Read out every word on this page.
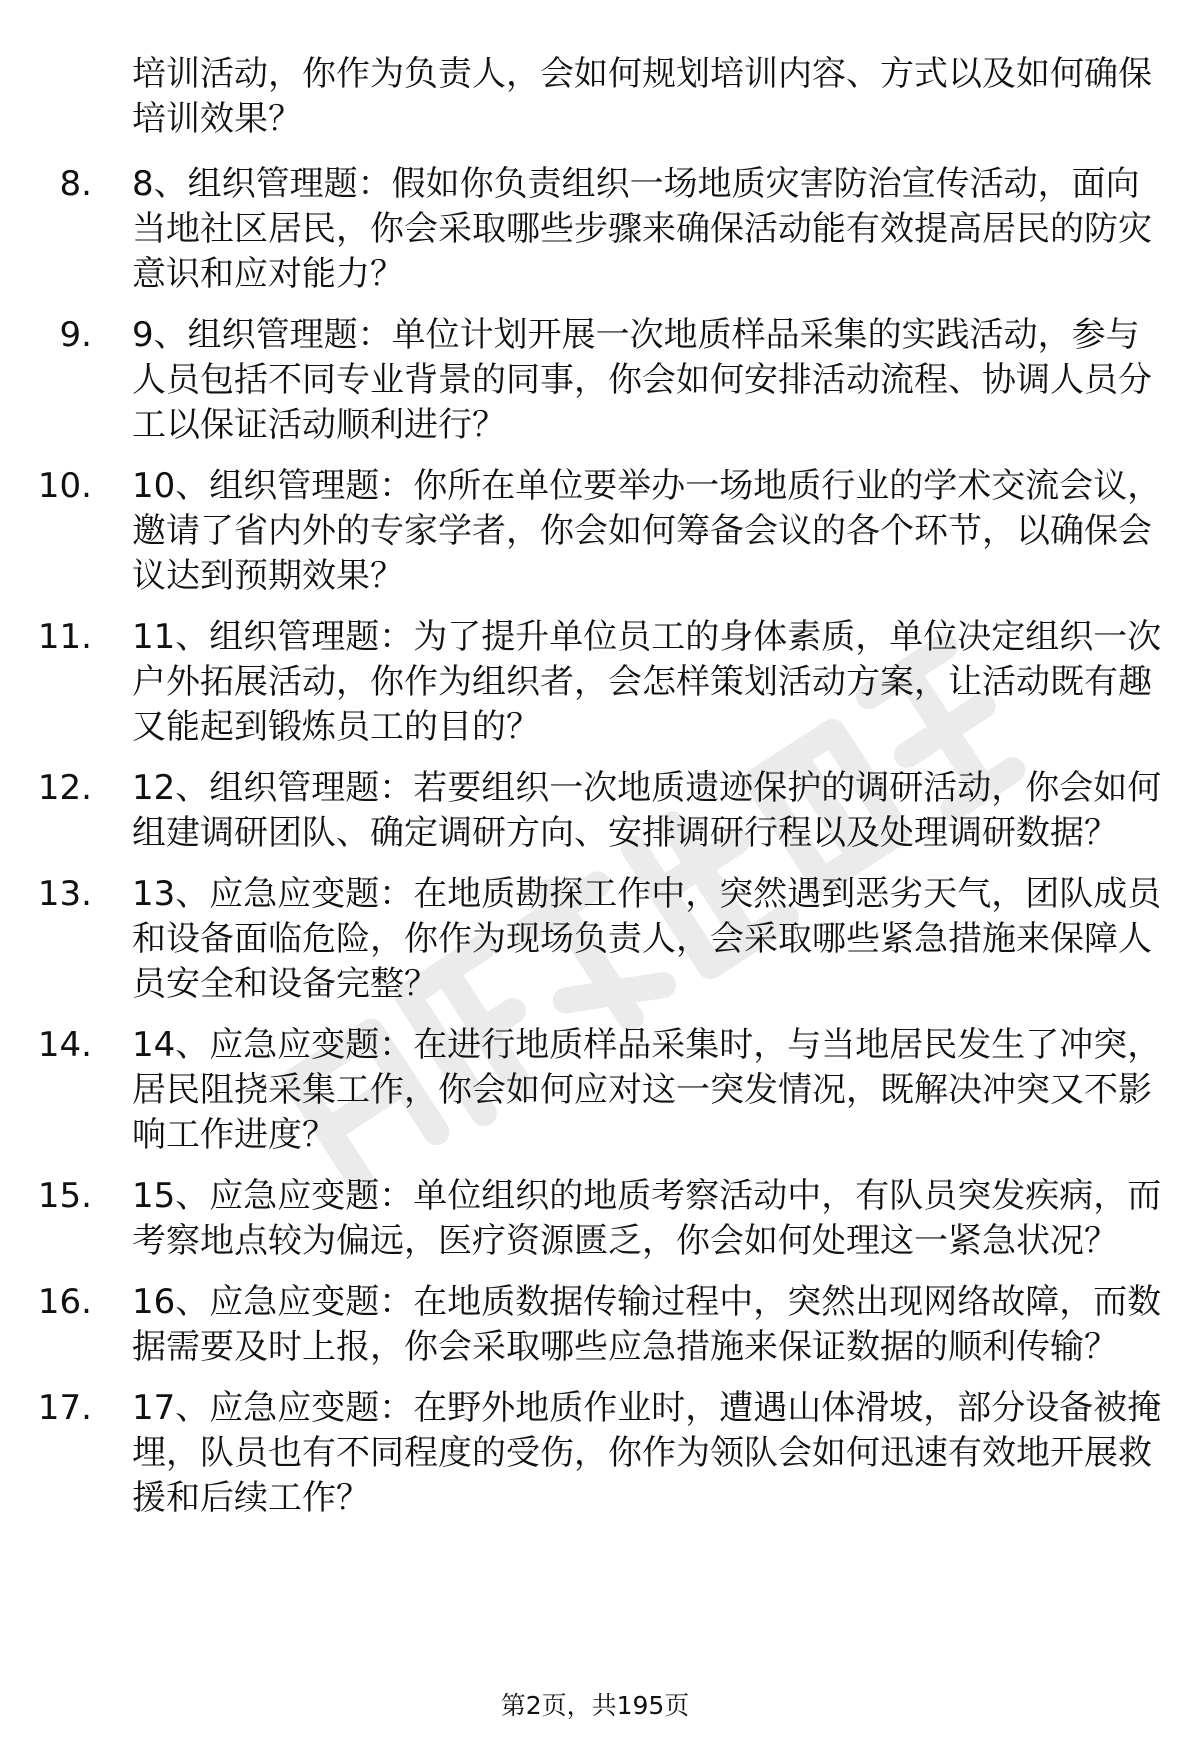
培训活动，你作为负责人，会如何规划培训内容、方式以及如何确保培训效果？

8. 8、组织管理题：假如你负责组织一场地质灾害防治宣传活动，面向当地社区居民，你会采取哪些步骤来确保活动能有效提高居民的防灾意识和应对能力？
9. 9、组织管理题：单位计划开展一次地质样品采集的实践活动，参与人员包括不同专业背景的同事，你会如何安排活动流程、协调人员分工以保证活动顺利进行？
10. 10、组织管理题：你所在单位要举办一场地质行业的学术交流会议，邀请了省内外的专家学者，你会如何筹备会议的各个环节，以确保会议达到预期效果？
11. 11、组织管理题：为了提升单位员工的身体素质，单位决定组织一次户外拓展活动，你作为组织者，会怎样策划活动方案，让活动既有趣又能起到锻炼员工的目的？
12. 12、组织管理题：若要组织一次地质遗迹保护的调研活动，你会如何组建调研团队、确定调研方向、安排调研行程以及处理调研数据？
13. 13、应急应变题：在地质勘探工作中，突然遇到恶劣天气，团队成员和设备面临危险，你作为现场负责人，会采取哪些紧急措施来保障人员安全和设备完整？
14. 14、应急应变题：在进行地质样品采集时，与当地居民发生了冲突，居民阻挠采集工作，你会如何应对这一突发情况，既解决冲突又不影响工作进度？
15. 15、应急应变题：单位组织的地质考察活动中，有队员突发疾病，而考察地点较为偏远，医疗资源匮乏，你会如何处理这一紧急状况？
16. 16、应急应变题：在地质数据传输过程中，突然出现网络故障，而数据需要及时上报，你会采取哪些应急措施来保证数据的顺利传输？
17. 17、应急应变题：在野外地质作业时，遭遇山体滑坡，部分设备被掩埋，队员也有不同程度的受伤，你作为领队会如何迅速有效地开展救援和后续工作？
第2页，共195页
